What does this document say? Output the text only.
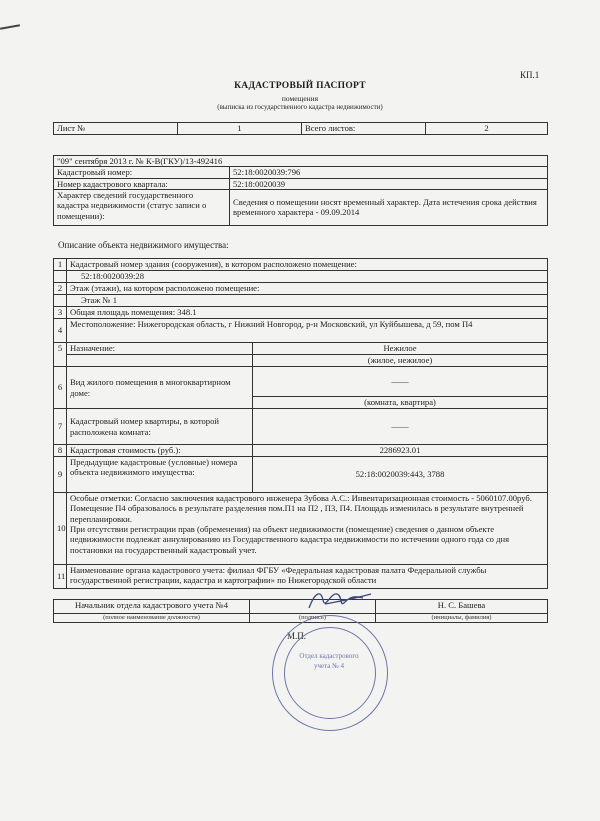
КП.1
КАДАСТРОВЫЙ ПАСПОРТ
помещения
(выписка из государственного кадастра недвижимости)
Лист №	1	Всего листов:	2
"09" сентября 2013 г. № К-В(ГКУ)/13-492416	
Кадастровый номер:	52:18:0020039:796
Номер кадастрового квартала:	52:18:0020039
Характер сведений государственного кадастра недвижимости (статус записи о помещении):	Сведения о помещении носят временный характер. Дата истечения срока действия временного характера - 09.09.2014
Описание объекта недвижимого имущества:
1	Кадастровый номер здания (сооружения), в котором расположено помещение:	
	52:18:0020039:28	
2	Этаж (этажи), на котором расположено помещение:	
	Этаж № 1	
3	Общая площадь помещения: 348.1	
4	Местоположение: Нижегородская область, г Нижний Новгород, р-н Московский, ул Куйбышева, д 59, пом П4	
5	Назначение:	Нежилое
		(жилое, нежилое)
6	Вид жилого помещения в многоквартирном доме:	——
		(комната, квартира)
7	Кадастровый номер квартиры, в которой расположена комната:	——
8	Кадастровая стоимость (руб.):	2286923.01
9	Предыдущие кадастровые (условные) номера объекта недвижимого имущества:	52:18:0020039:443, 3788
10	Особые отметки: Согласно заключения кадастрового инженера Зубова А.С.: Инвентаризационная стоимость - 5060107.00руб. Помещение П4 образовалось в результате разделения пом.П1 на П2 , П3, П4. Площадь изменилась в результате внутренней перепланировки.
При отсутствии регистрации прав (обременения) на объект недвижимости (помещение) сведения о данном объекте недвижимости подлежат аннулированию из Государственного кадастра недвижимости по истечении одного года со дня постановки на государственный кадастровый учет.	

11	Наименование органа кадастрового учета: филиал ФГБУ «Федеральная кадастровая палата Федеральной службы государственной регистрации, кадастра и картографии» по Нижегородской области	
Начальник отдела кадастрового учета №4		Н. С. Башева
(полное наименование должности)	(подпись)	(инициалы, фамилия)
М.П.
Отдел кадастрового учета № 4
